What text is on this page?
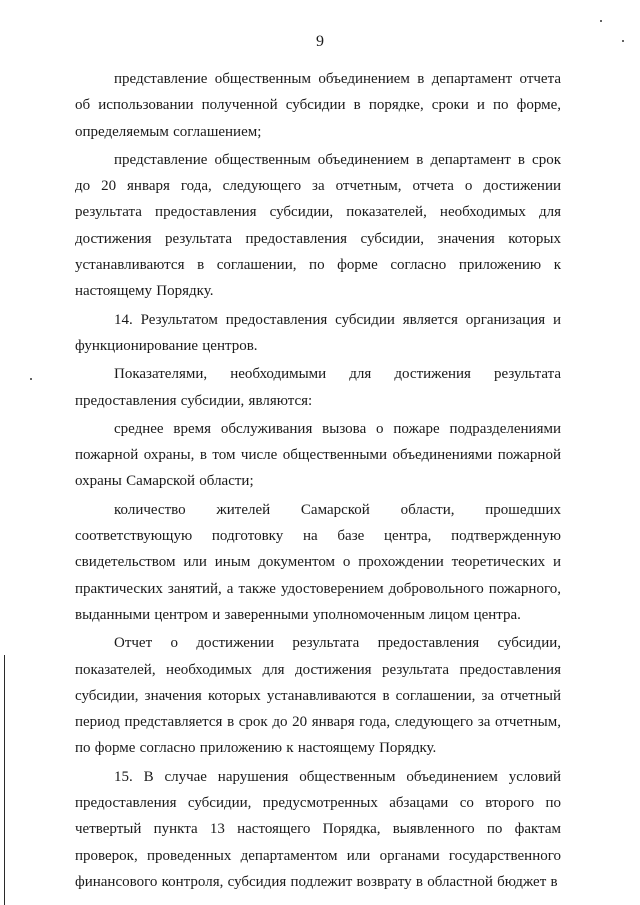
9

представление общественным объединением в департамент отчета об использовании полученной субсидии в порядке, сроки и по форме, определяемым соглашением;

представление общественным объединением в департамент в срок до 20 января года, следующего за отчетным, отчета о достижении результата предоставления субсидии, показателей, необходимых для достижения результата предоставления субсидии, значения которых устанавливаются в соглашении, по форме согласно приложению к настоящему Порядку.

14. Результатом предоставления субсидии является организация и функционирование центров.

Показателями, необходимыми для достижения результата предоставления субсидии, являются:

среднее время обслуживания вызова о пожаре подразделениями пожарной охраны, в том числе общественными объединениями пожарной охраны Самарской области;

количество жителей Самарской области, прошедших соответствующую подготовку на базе центра, подтвержденную свидетельством или иным документом о прохождении теоретических и практических занятий, а также удостоверением добровольного пожарного, выданными центром и заверенными уполномоченным лицом центра.

Отчет о достижении результата предоставления субсидии, показателей, необходимых для достижения результата предоставления субсидии, значения которых устанавливаются в соглашении, за отчетный период представляется в срок до 20 января года, следующего за отчетным, по форме согласно приложению к настоящему Порядку.

15. В случае нарушения общественным объединением условий предоставления субсидии, предусмотренных абзацами со второго по четвертый пункта 13 настоящего Порядка, выявленного по фактам проверок, проведенных департаментом или органами государственного финансового контроля, субсидия подлежит возврату в областной бюджет в
